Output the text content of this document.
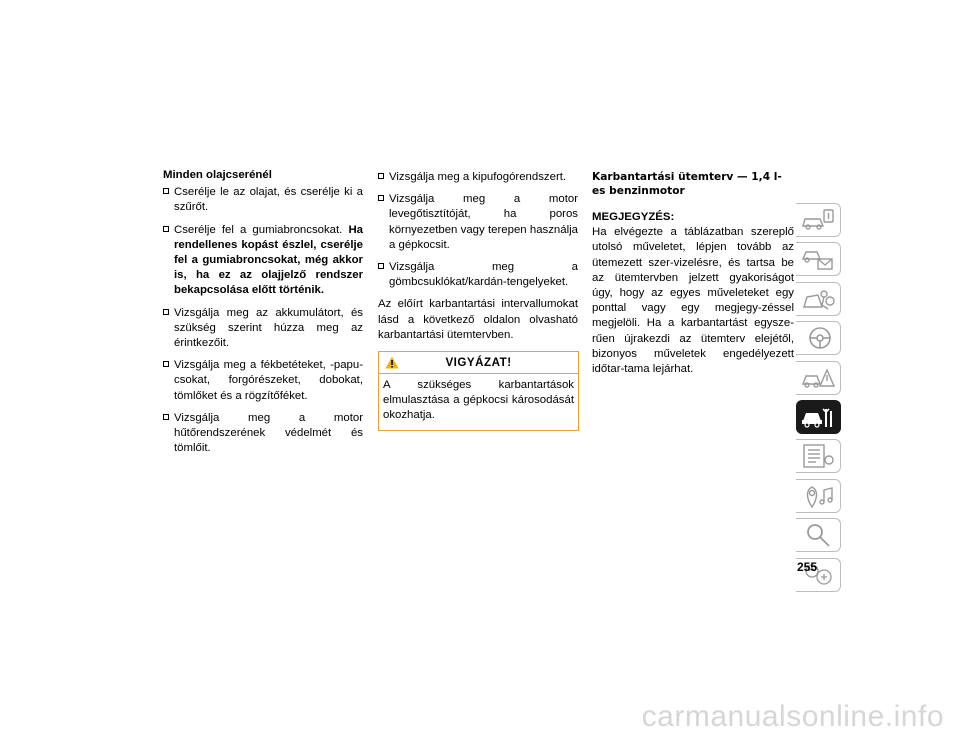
Minden olajcserénél
Cserélje le az olajat, és cserélje ki a szűrőt.
Cserélje fel a gumiabroncsokat. Ha rendellenes kopást észlel, cserélje fel a gumiabroncsokat, még akkor is, ha ez az olajjelző rendszer bekapcsolása előtt történik.
Vizsgálja meg az akkumulátort, és szükség szerint húzza meg az érintkezőit.
Vizsgálja meg a fékbetéteket, -papu-csokat, forgórészeket, dobokat, tömlőket és a rögzítőféket.
Vizsgálja meg a motor hűtőrendszerének védelmét és tömlőit.
Vizsgálja meg a kipufogórendszert.
Vizsgálja meg a motor levegőtisztítóját, ha poros környezetben vagy terepen használja a gépkocsit.
Vizsgálja meg a gömbcsuklókat/kardán-tengelyeket.

Az előírt karbantartási intervallumokat lásd a következő oldalon olvasható karbantartási ütemtervben.

VIGYÁZAT!
A szükséges karbantartások elmulasztása a gépkocsi károsodását okozhatja.
Karbantartási ütemterv — 1,4 l-es benzinmotor
MEGJEGYZÉS:
Ha elvégezte a táblázatban szereplő utolsó műveletet, lépjen tovább az ütemezett szer-vizelésre, és tartsa be az ütemtervben jelzett gyakoriságot úgy, hogy az egyes műveleteket egy ponttal vagy egy megjegy-zéssel megjelöli. Ha a karbantartást egysze-rűen újrakezdi az ütemterv elejétől, bizonyos műveletek engedélyezett időtar-tama lejárhat.
255
carmanualsonline.info
